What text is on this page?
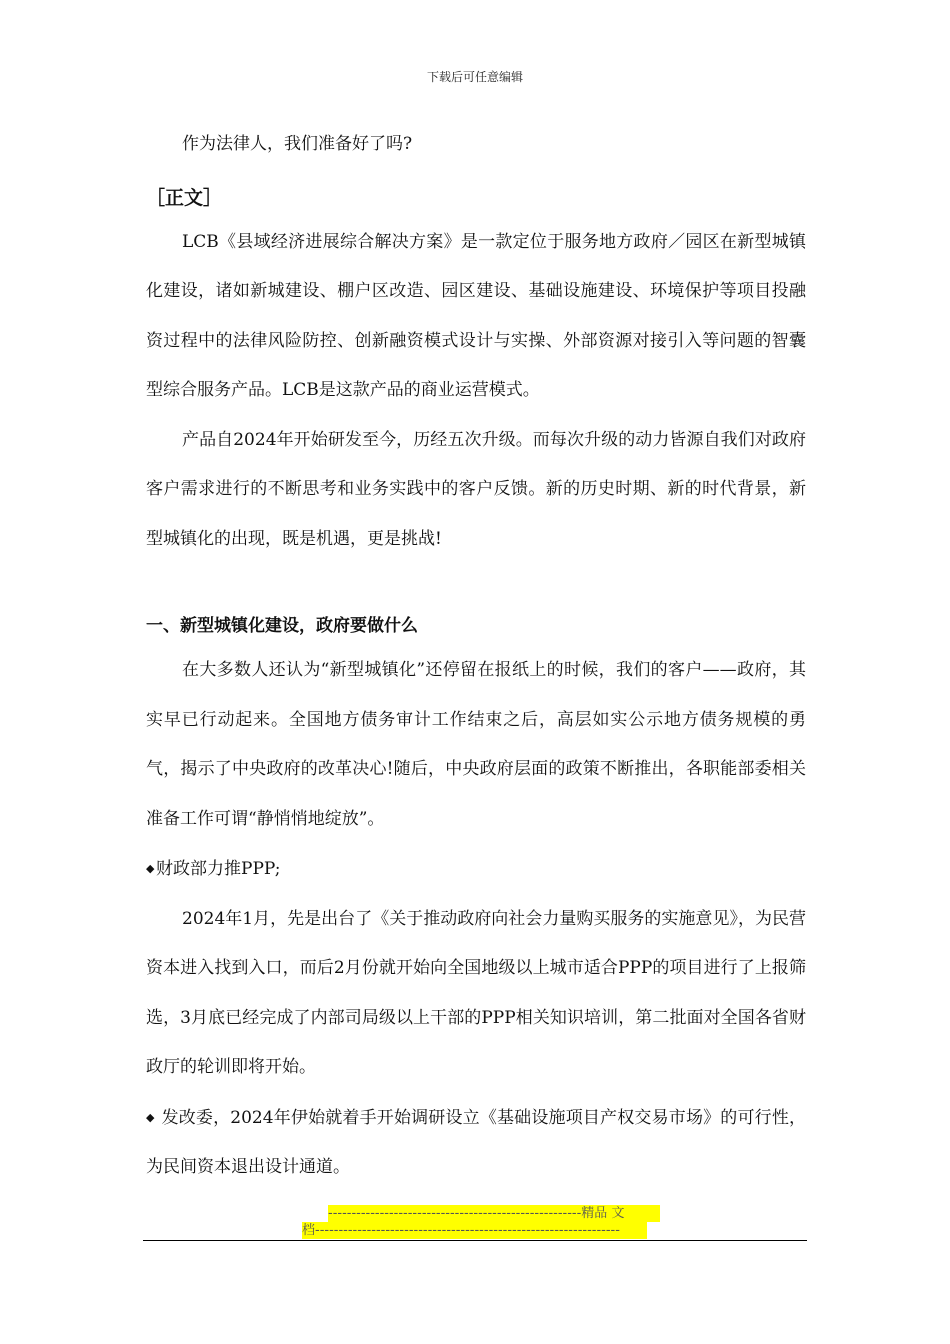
下载后可任意编辑

作为法律人，我们准备好了吗?

［正文］

LCB《县域经济进展综合解决方案》是一款定位于服务地方政府／园区在新型城镇化建设，诸如新城建设、棚户区改造、园区建设、基础设施建设、环境保护等项目投融资过程中的法律风险防控、创新融资模式设计与实操、外部资源对接引入等问题的智囊型综合服务产品。LCB是这款产品的商业运营模式。

产品自2024年开始研发至今，历经五次升级。而每次升级的动力皆源自我们对政府客户需求进行的不断思考和业务实践中的客户反馈。新的历史时期、新的时代背景，新型城镇化的出现，既是机遇，更是挑战!

一、新型城镇化建设，政府要做什么

在大多数人还认为“新型城镇化”还停留在报纸上的时候，我们的客户——政府，其实早已行动起来。全国地方债务审计工作结束之后，高层如实公示地方债务规模的勇气，揭示了中央政府的改革决心!随后，中央政府层面的政策不断推出，各职能部委相关准备工作可谓“静悄悄地绽放”。

◆财政部力推PPP;

2024年1月，先是出台了《关于推动政府向社会力量购买服务的实施意见》，为民营资本进入找到入口，而后2月份就开始向全国地级以上城市适合PPP的项目进行了上报筛选，3月底已经完成了内部司局级以上干部的PPP相关知识培训，第二批面对全国各省财政厅的轮训即将开始。

◆ 发改委，2024年伊始就着手开始调研设立《基础设施项目产权交易市场》的可行性，为民间资本退出设计通道。

------------------------------------------------------精品 文
档-----------------------------------------------------------------
